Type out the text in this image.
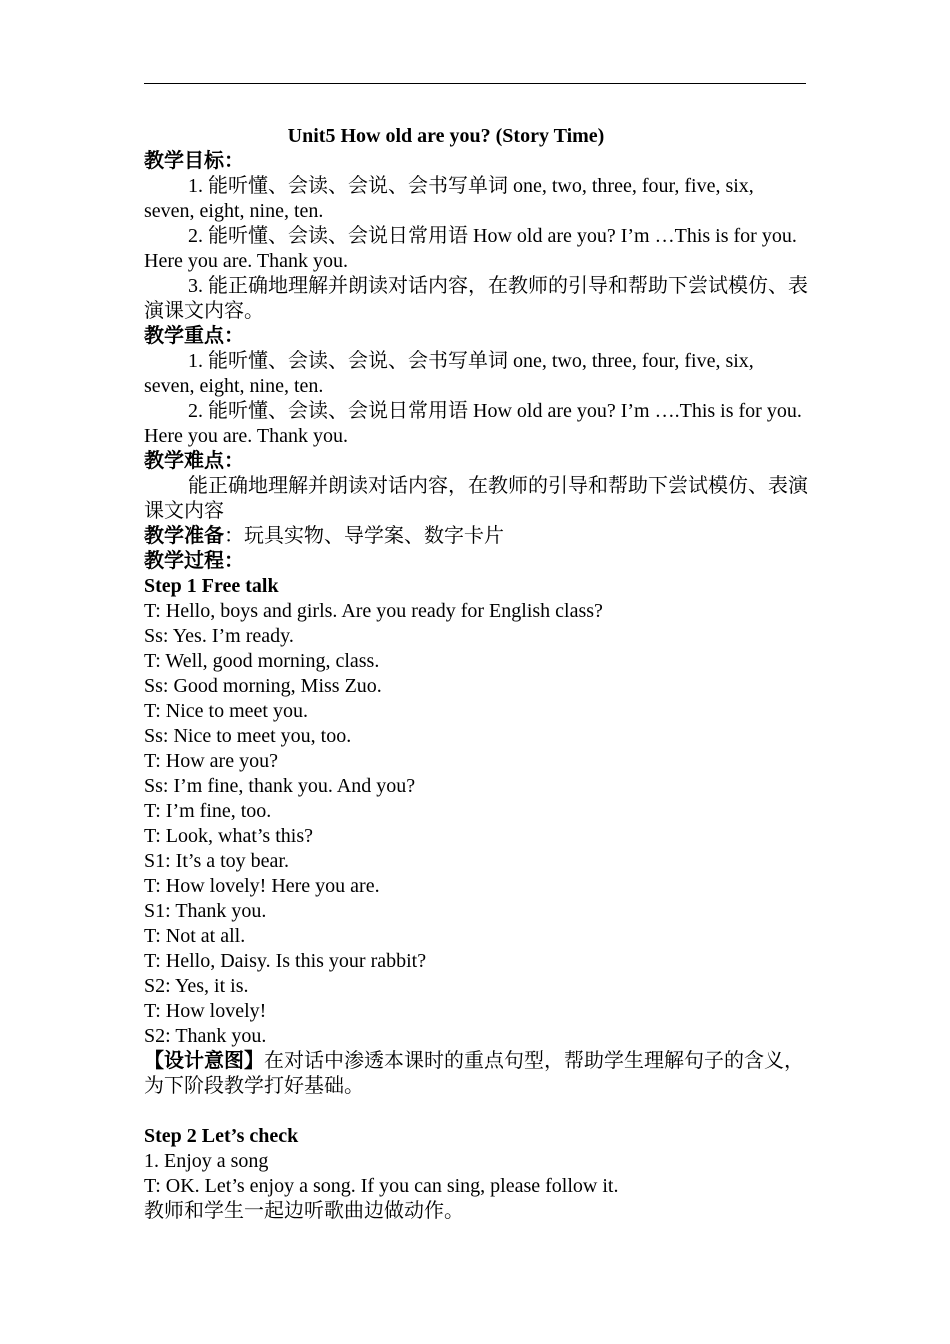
Unit5 How old are you? (Story Time)
教学目标：
1. 能听懂、会读、会说、会书写单词 one, two, three, four, five, six, seven, eight, nine, ten.
2. 能听懂、会读、会说日常用语 How old are you? I’m …This is for you. Here you are. Thank you.
3. 能正确地理解并朗读对话内容，在教师的引导和帮助下尝试模仿、表演课文内容。
教学重点：
1. 能听懂、会读、会说、会书写单词 one, two, three, four, five, six, seven, eight, nine, ten.
2. 能听懂、会读、会说日常用语 How old are you? I’m ….This is for you. Here you are. Thank you.
教学难点：
能正确地理解并朗读对话内容，在教师的引导和帮助下尝试模仿、表演课文内容
教学准备：玩具实物、导学案、数字卡片
教学过程：
Step 1 Free talk
T: Hello, boys and girls. Are you ready for English class?
Ss: Yes. I’m ready.
T: Well, good morning, class.
Ss: Good morning, Miss Zuo.
T: Nice to meet you.
Ss: Nice to meet you, too.
T: How are you?
Ss: I’m fine, thank you. And you?
T: I’m fine, too.
T: Look, what’s this?
S1: It’s a toy bear.
T: How lovely! Here you are.
S1: Thank you.
T: Not at all.
T: Hello, Daisy. Is this your rabbit?
S2: Yes, it is.
T: How lovely!
S2: Thank you.
【设计意图】在对话中渗透本课时的重点句型，帮助学生理解句子的含义，为下阶段教学打好基础。
Step 2 Let’s check
1. Enjoy a song
T: OK. Let’s enjoy a song. If you can sing, please follow it.
教师和学生一起边听歌曲边做动作。
